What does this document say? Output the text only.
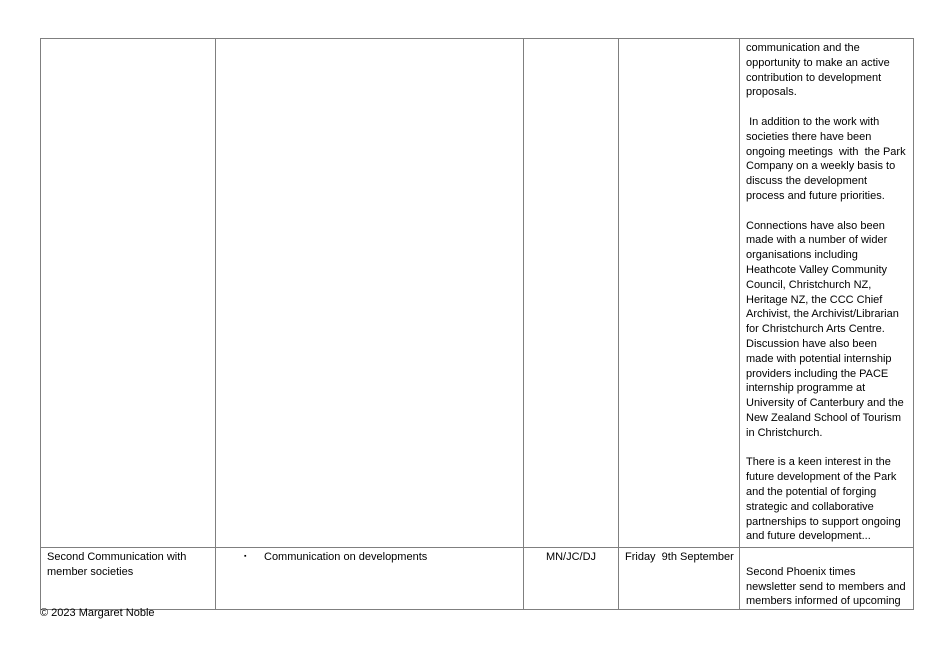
				communication and the opportunity to make an active contribution to development proposals.
In addition to the work with societies there have been ongoing meetings  with  the Park Company on a weekly basis to discuss the development process and future priorities.
Connections have also been made with a number of wider organisations including Heathcote Valley Community Council, Christchurch NZ, Heritage NZ, the CCC Chief Archivist, the Archivist/Librarian for Christchurch Arts Centre. Discussion have also been made with potential internship providers including the PACE internship programme at University of Canterbury and the New Zealand School of Tourism in Christchurch.
There is a keen interest in the future development of the Park and the potential of forging strategic and collaborative partnerships to support ongoing and future development...

Second Communication with member societies	▪ Communication on developments	MN/JC/DJ	Friday  9th September	Second Phoenix times newsletter send to members and members informed of upcoming
© 2023 Margaret Noble
